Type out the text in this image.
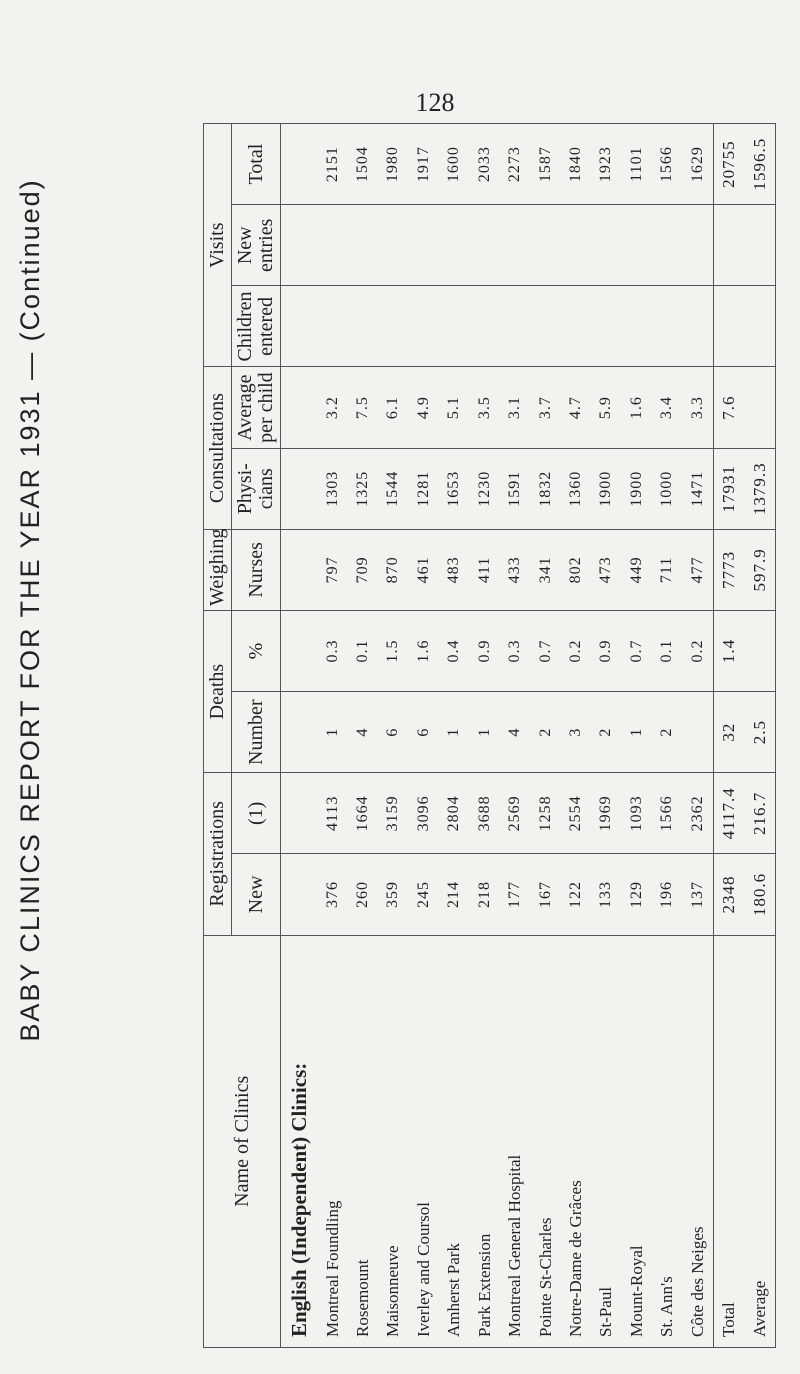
BABY CLINICS REPORT FOR THE YEAR 1931 — (Continued)
128
Name of Clinics	Registrations		Deaths		Weighing	Consultations		Visits		
	New	(1)	Number	%	Nurses	Physi-cians	Average per child	Children entered	New entries	Total
English (Independent) Clinics:										
Montreal Foundling	376	4113	1	0.3	797	1303	3.2			2151
Rosemount	260	1664	4	0.1	709	1325	7.5			1504
Maisonneuve	359	3159	6	1.5	870	1544	6.1			1980
Iverley and Coursol	245	3096	6	1.6	461	1281	4.9			1917
Amherst Park	214	2804	1	0.4	483	1653	5.1			1600
Park Extension	218	3688	1	0.9	411	1230	3.5			2033
Montreal General Hospital	177	2569	4	0.3	433	1591	3.1			2273
Pointe St-Charles	167	1258	2	0.7	341	1832	3.7			1587
Notre-Dame de Grâces	122	2554	3	0.2	802	1360	4.7			1840
St-Paul	133	1969	2	0.9	473	1900	5.9			1923
Mount-Royal	129	1093	1	0.7	449	1900	1.6			1101
St. Ann's	196	1566	2	0.1	711	1000	3.4			1566
Côte des Neiges	137	2362		0.2	477	1471	3.3			1629
Total	2348	4117.4	32	1.4	7773	17931	7.6			20755
Average	180.6	216.7	2.5		597.9	1379.3				1596.5
